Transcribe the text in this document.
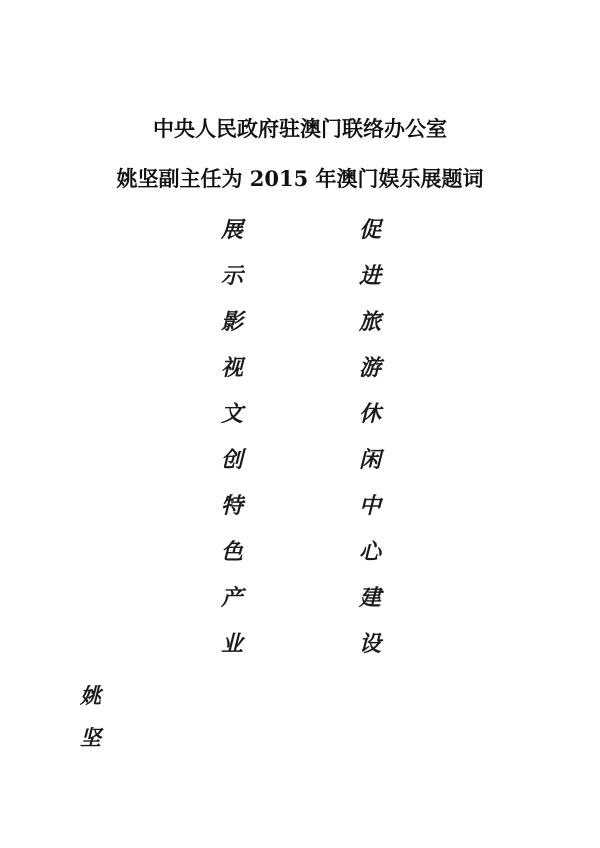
中央人民政府驻澳门联络办公室
姚坚副主任为 2015 年澳门娱乐展题词
展
示
影
视
文
创
特
色
产
业
促
进
旅
游
休
闲
中
心
建
设
姚
坚
